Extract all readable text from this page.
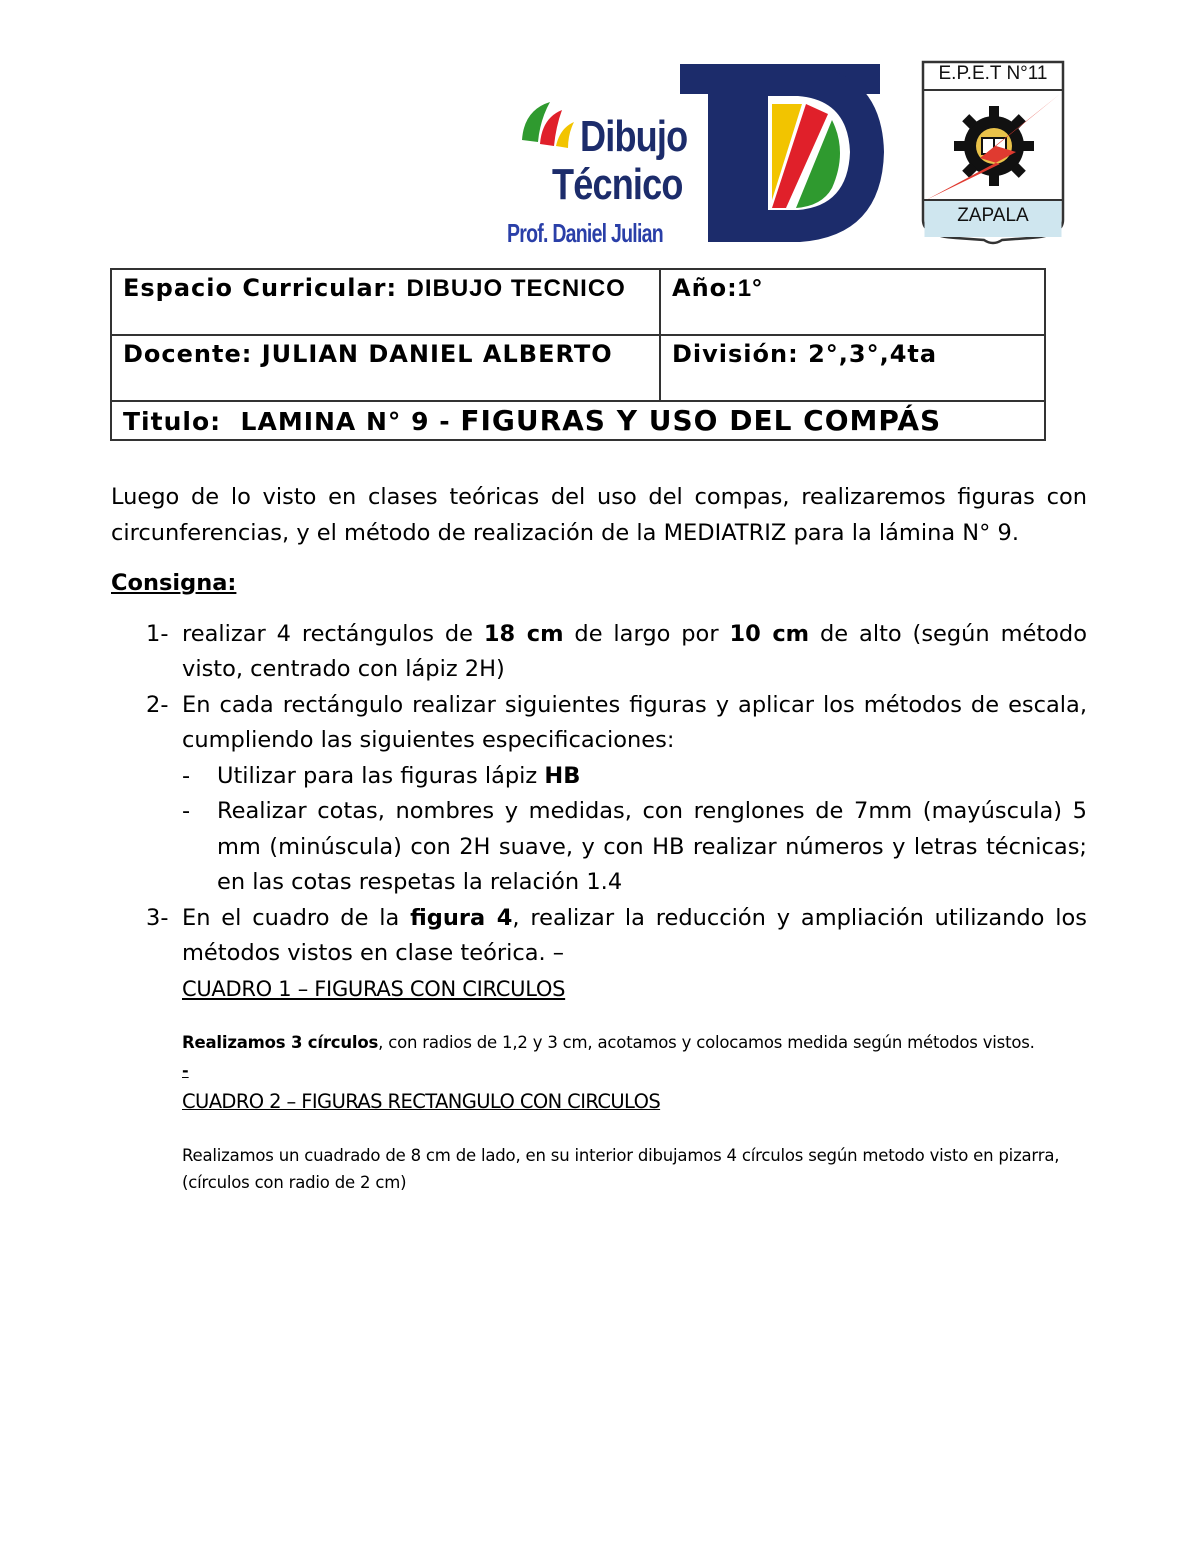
Dibujo
Técnico
Prof. Daniel Julian
E.P.E.T N°11
ZAPALA
Espacio Curricular: DIBUJO TECNICO	Año:1°
Docente: JULIAN DANIEL ALBERTO	División: 2°,3°,4ta
Titulo: LAMINA N° 9 - FIGURAS Y USO DEL COMPÁS	

Luego de lo visto en clases teóricas del uso del compas, realizaremos figuras con circunferencias, y el método de realización de la MEDIATRIZ para la lámina N° 9.

Consigna:
1- realizar 4 rectángulos de 18 cm de largo por 10 cm de alto (según método visto, centrado con lápiz 2H)
2- En cada rectángulo realizar siguientes figuras y aplicar los métodos de escala, cumpliendo las siguientes especificaciones:
- Utilizar para las figuras lápiz HB
- Realizar cotas, nombres y medidas, con renglones de 7mm (mayúscula) 5 mm (minúscula) con 2H suave, y con HB realizar números y letras técnicas; en las cotas respetas la relación 1.4
3- En el cuadro de la figura 4, realizar la reducción y ampliación utilizando los métodos vistos en clase teórica. –
CUADRO 1 – FIGURAS CON CIRCULOS
Realizamos 3 círculos, con radios de 1,2 y 3 cm, acotamos y colocamos medida según métodos vistos.
-
CUADRO 2 – FIGURAS RECTANGULO CON CIRCULOS
Realizamos un cuadrado de 8 cm de lado, en su interior dibujamos 4 círculos según metodo visto en pizarra, (círculos con radio de 2 cm)
